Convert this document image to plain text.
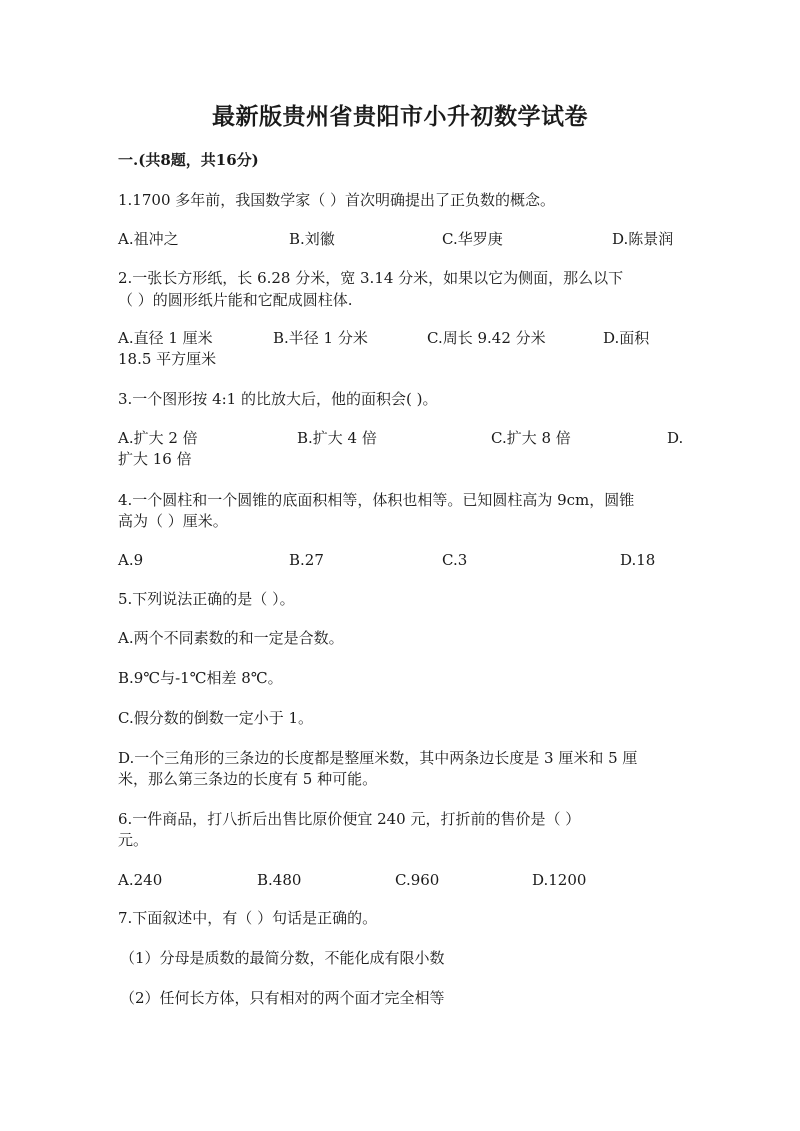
最新版贵州省贵阳市小升初数学试卷
一.(共8题，共16分)
1.1700 多年前，我国数学家（ ）首次明确提出了正负数的概念。
A.祖冲之	B.刘徽	C.华罗庚	D.陈景润
2.一张长方形纸，长 6.28 分米，宽 3.14 分米，如果以它为侧面，那么以下
（ ）的圆形纸片能和它配成圆柱体.
A.直径 1 厘米	B.半径 1 分米	C.周长 9.42 分米	D.面积
18.5 平方厘米
3.一个图形按 4:1 的比放大后，他的面积会( )。
A.扩大 2 倍	B.扩大 4 倍	C.扩大 8 倍	D.
扩大 16 倍
4.一个圆柱和一个圆锥的底面积相等，体积也相等。已知圆柱高为 9cm，圆锥
高为（ ）厘米。
A.9	B.27	C.3	D.18
5.下列说法正确的是（ ）。
A.两个不同素数的和一定是合数。
B.9℃与-1℃相差 8℃。
C.假分数的倒数一定小于 1。
D.一个三角形的三条边的长度都是整厘米数，其中两条边长度是 3 厘米和 5 厘
米，那么第三条边的长度有 5 种可能。
6.一件商品，打八折后出售比原价便宜 240 元，打折前的售价是（ ）
元。
A.240	B.480	C.960	D.1200
7.下面叙述中，有（ ）句话是正确的。
（1）分母是质数的最简分数，不能化成有限小数
（2）任何长方体，只有相对的两个面才完全相等
